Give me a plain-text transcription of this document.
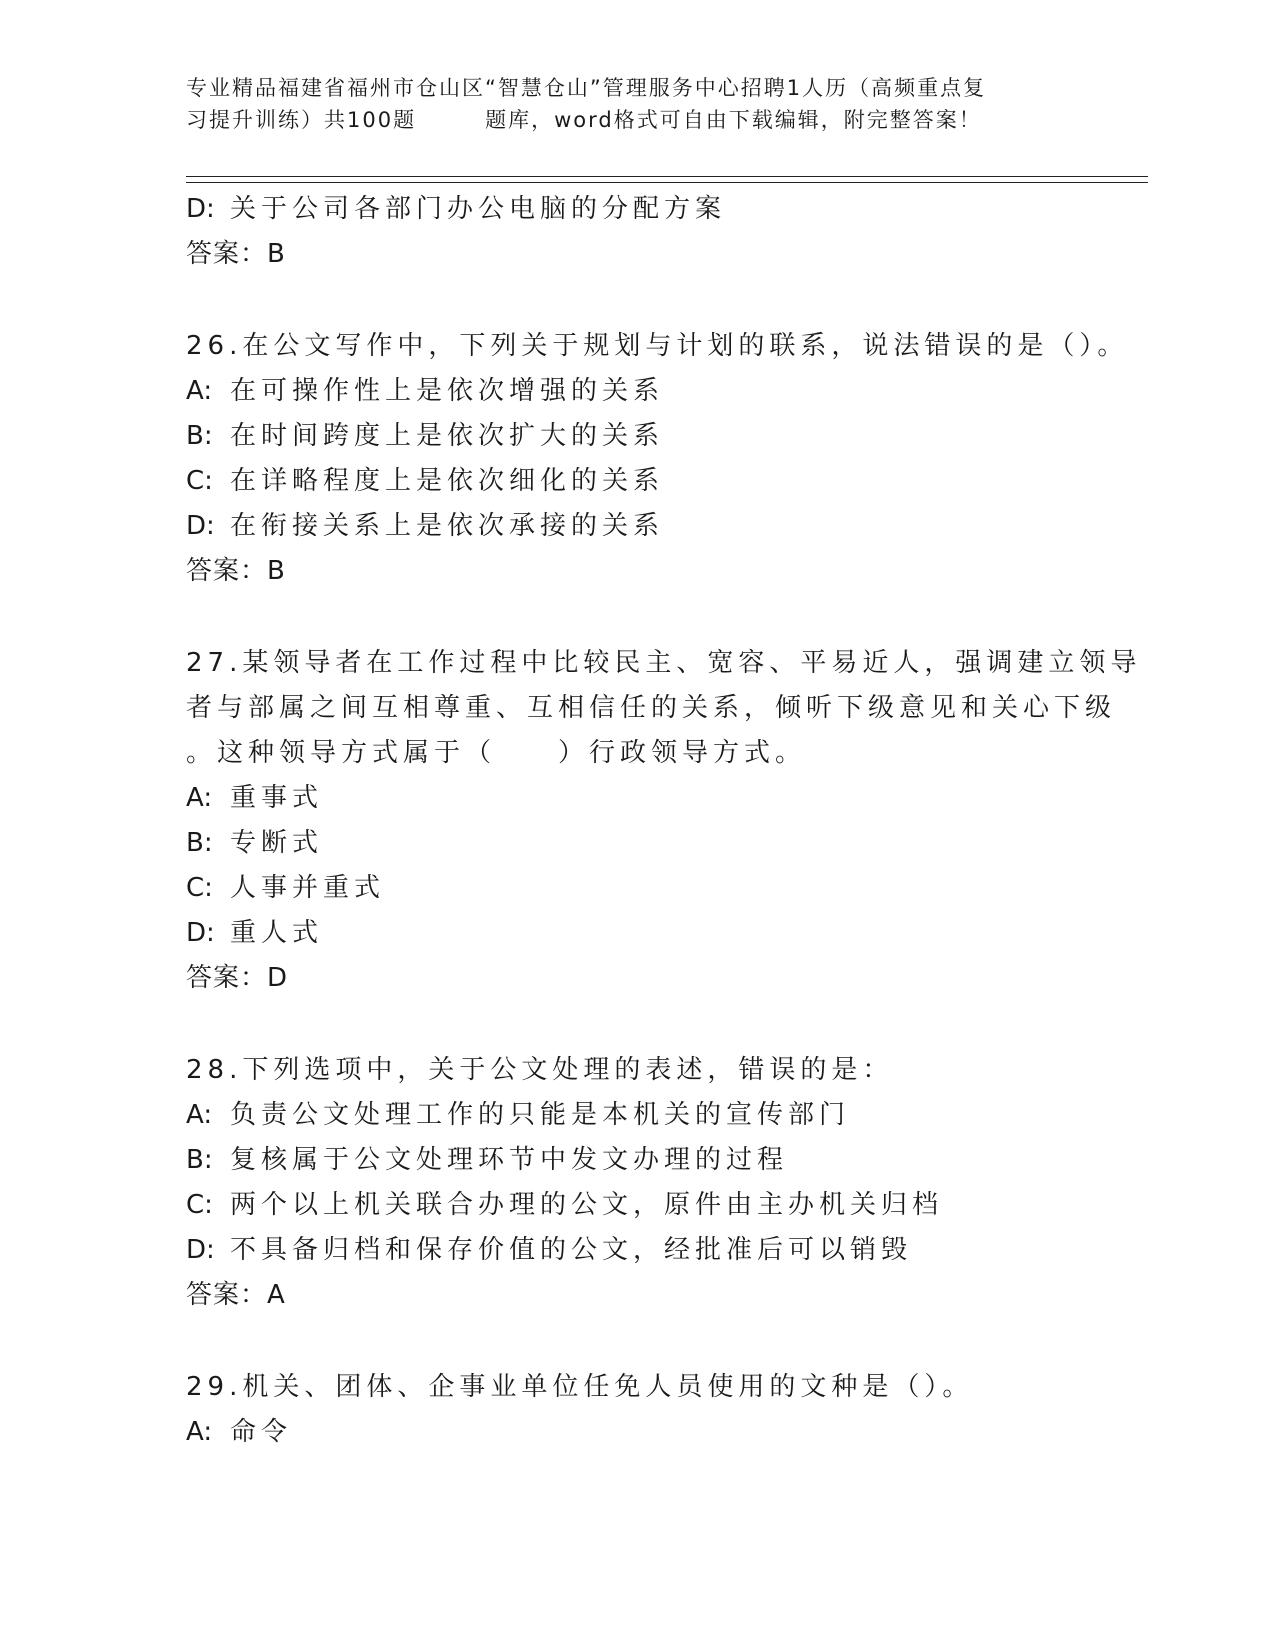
专业精品福建省福州市仓山区“智慧仓山”管理服务中心招聘1人历（高频重点复
习提升训练）共100题　　　题库，word格式可自由下载编辑，附完整答案！
D: 关于公司各部门办公电脑的分配方案
答案：B
26.在公文写作中，下列关于规划与计划的联系，说法错误的是（）。
A: 在可操作性上是依次增强的关系
B: 在时间跨度上是依次扩大的关系
C: 在详略程度上是依次细化的关系
D: 在衔接关系上是依次承接的关系
答案：B
27.某领导者在工作过程中比较民主、宽容、平易近人，强调建立领导
者与部属之间互相尊重、互相信任的关系，倾听下级意见和关心下级
。这种领导方式属于（　　）行政领导方式。
A: 重事式
B: 专断式
C: 人事并重式
D: 重人式
答案：D
28.下列选项中，关于公文处理的表述，错误的是：
A: 负责公文处理工作的只能是本机关的宣传部门
B: 复核属于公文处理环节中发文办理的过程
C: 两个以上机关联合办理的公文，原件由主办机关归档
D: 不具备归档和保存价值的公文，经批准后可以销毁
答案：A
29.机关、团体、企事业单位任免人员使用的文种是（）。
A: 命令
